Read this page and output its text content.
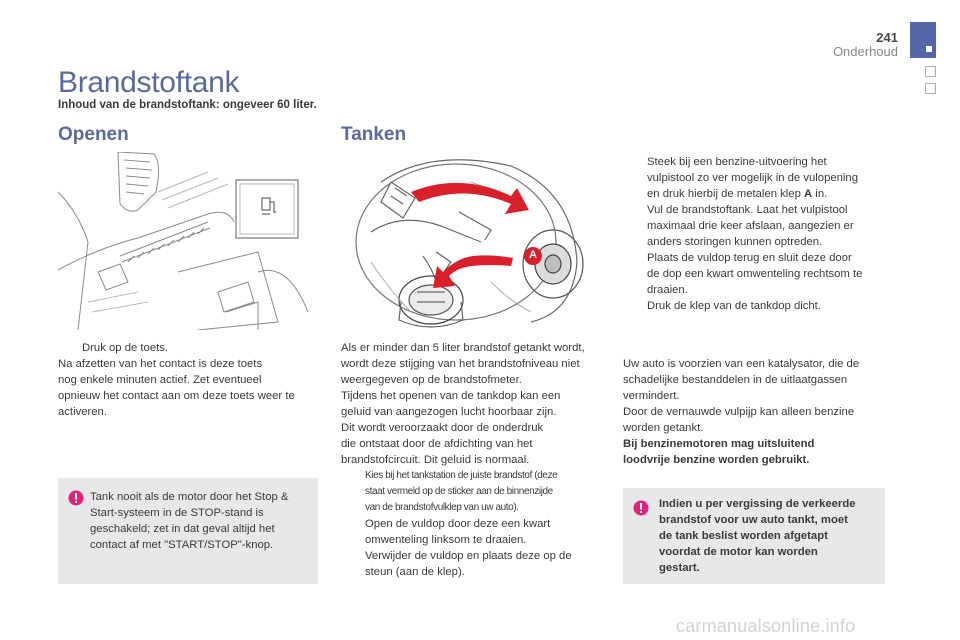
241
Onderhoud
Brandstoftank
Inhoud van de brandstoftank: ongeveer 60 liter.
Openen

Druk op de toets.

Na afzetten van het contact is deze toets

nog enkele minuten actief. Zet eventueel

opnieuw het contact aan om deze toets weer te

activeren.

Tank nooit als de motor door het Stop &

Start-systeem in de STOP-stand is

geschakeld; zet in dat geval altijd het

contact af met "START/STOP"-knop.

Tanken
A

Als er minder dan 5 liter brandstof getankt wordt,

wordt deze stijging van het brandstofniveau niet

weergegeven op de brandstofmeter.

Tijdens het openen van de tankdop kan een

geluid van aangezogen lucht hoorbaar zijn.

Dit wordt veroorzaakt door de onderdruk

die ontstaat door de afdichting van het

brandstofcircuit. Dit geluid is normaal.

Kies bij het tankstation de juiste brandstof (deze

staat vermeld op de sticker aan de binnenzijde

van de brandstofvulklep van uw auto).

Open de vuldop door deze een kwart

omwenteling linksom te draaien.

Verwijder de vuldop en plaats deze op de

steun (aan de klep).

Steek bij een benzine-uitvoering het

vulpistool zo ver mogelijk in de vulopening

en druk hierbij de metalen klep A in.

Vul de brandstoftank. Laat het vulpistool

maximaal drie keer afslaan, aangezien er

anders storingen kunnen optreden.

Plaats de vuldop terug en sluit deze door

de dop een kwart omwenteling rechtsom te

draaien.

Druk de klep van de tankdop dicht.

Uw auto is voorzien van een katalysator, die de

schadelijke bestanddelen in de uitlaatgassen

vermindert.

Door de vernauwde vulpijp kan alleen benzine

worden getankt.

Bij benzinemotoren mag uitsluitend

loodvrije benzine worden gebruikt.

Indien u per vergissing de verkeerde

brandstof voor uw auto tankt, moet

de tank beslist worden afgetapt

voordat de motor kan worden

gestart.

carmanualsonline.info
